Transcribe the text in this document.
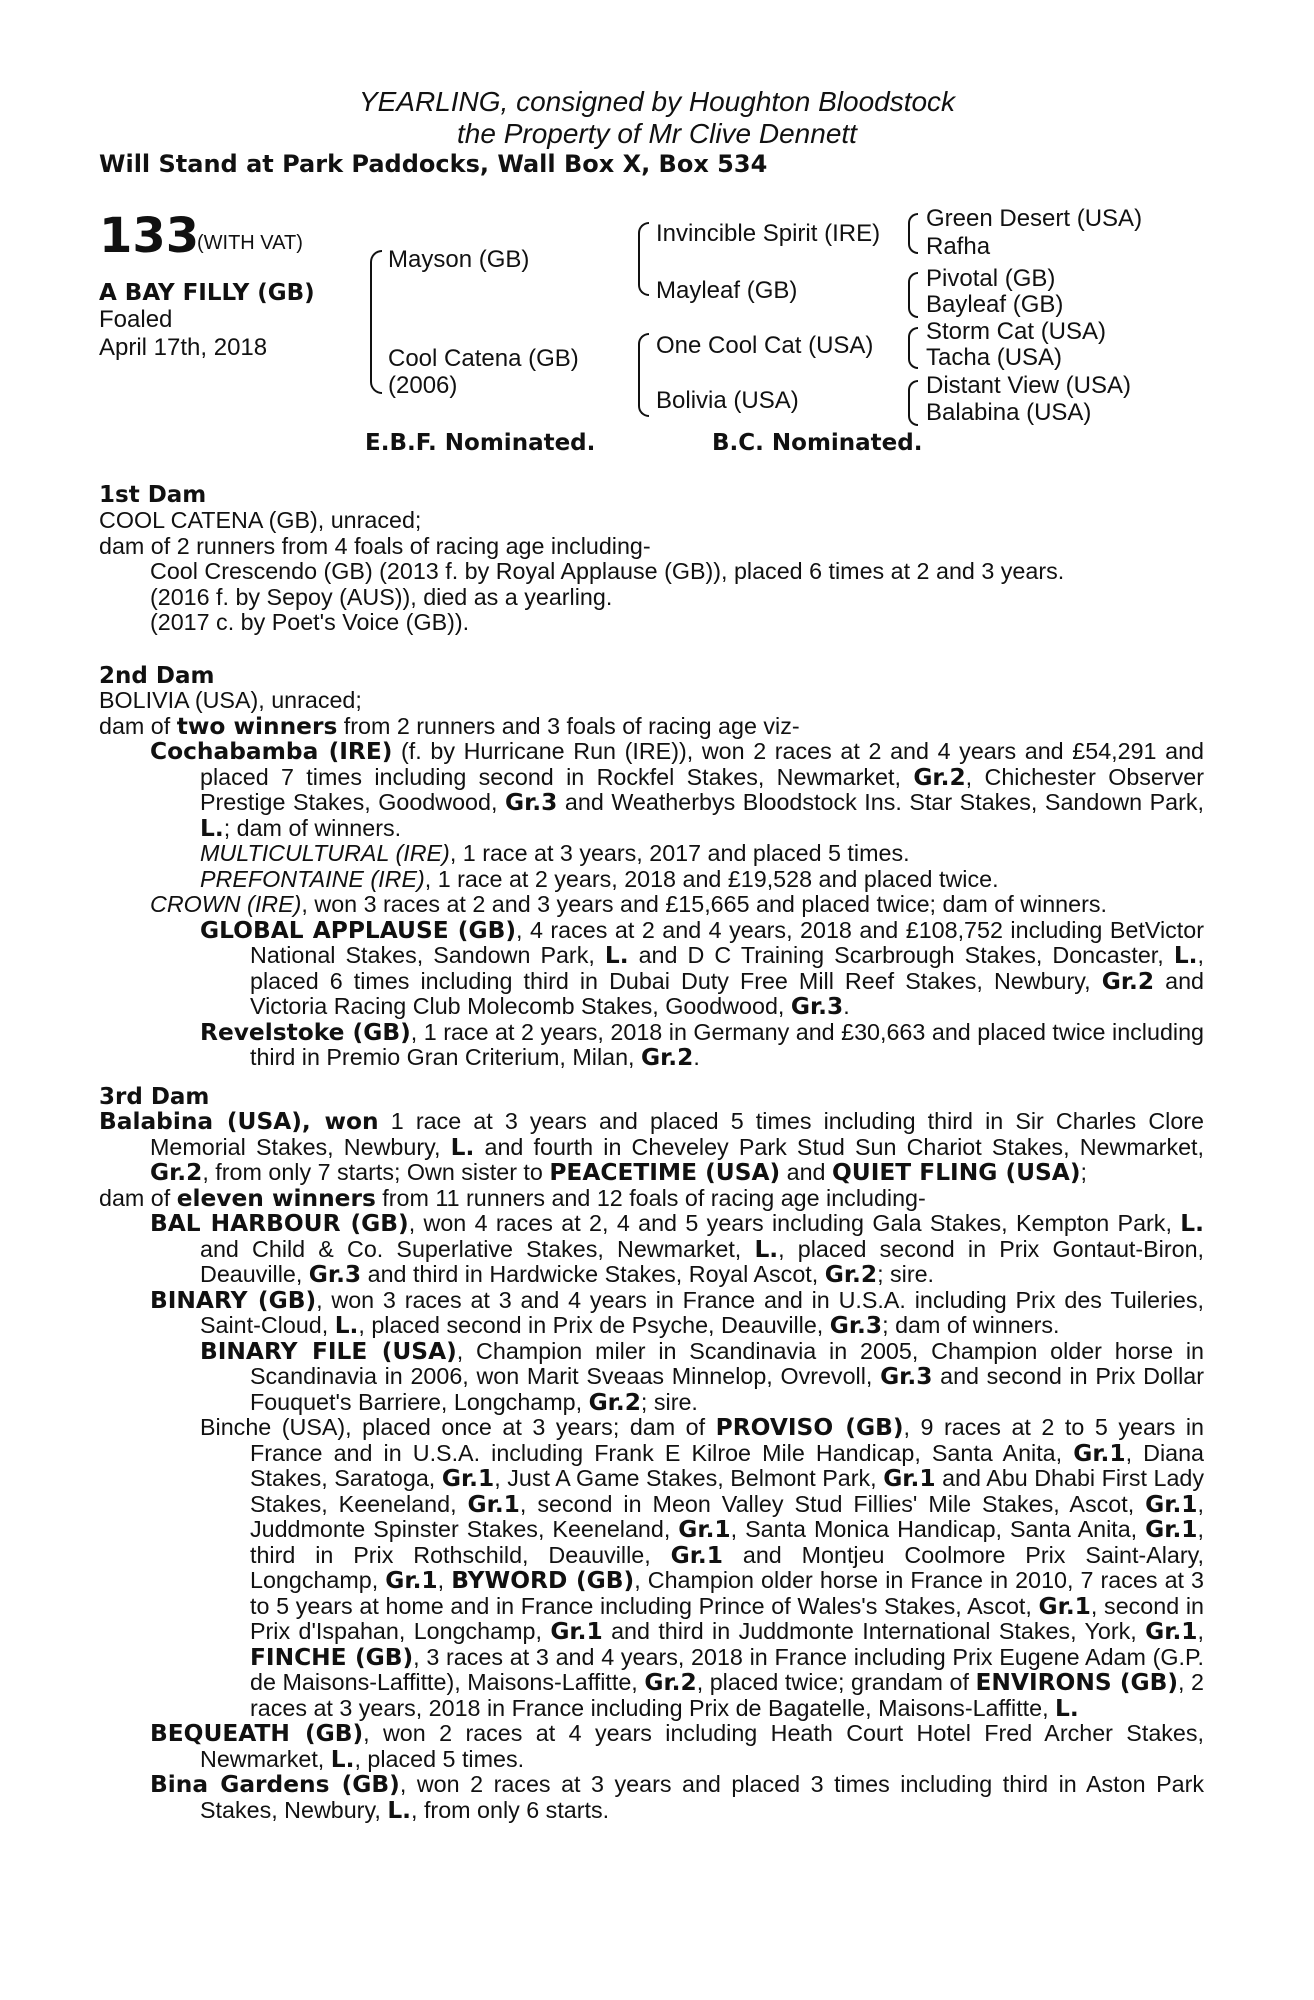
YEARLING, consigned by Houghton Bloodstock
the Property of Mr Clive Dennett
Will Stand at Park Paddocks, Wall Box X, Box 534
133
(WITH VAT)
A BAY FILLY (GB)
Foaled
April 17th, 2018
Mayson (GB)
Cool Catena (GB)
(2006)
Invincible Spirit (IRE)
Mayleaf (GB)
One Cool Cat (USA)
Bolivia (USA)
Green Desert (USA)
Rafha
Pivotal (GB)
Bayleaf (GB)
Storm Cat (USA)
Tacha (USA)
Distant View (USA)
Balabina (USA)
E.B.F. Nominated.	B.C. Nominated.
1st Dam

COOL CATENA (GB), unraced;

dam of 2 runners from 4 foals of racing age including-

Cool Crescendo (GB) (2013 f. by Royal Applause (GB)), placed 6 times at 2 and 3 years.

(2016 f. by Sepoy (AUS)), died as a yearling.

(2017 c. by Poet's Voice (GB)).

2nd Dam

BOLIVIA (USA), unraced;

dam of two winners from 2 runners and 3 foals of racing age viz-

Cochabamba (IRE) (f. by Hurricane Run (IRE)), won 2 races at 2 and 4 years and £54,291 and placed 7 times including second in Rockfel Stakes, Newmarket, Gr.2, Chichester Observer Prestige Stakes, Goodwood, Gr.3 and Weatherbys Bloodstock Ins. Star Stakes, Sandown Park, L.; dam of winners.

MULTICULTURAL (IRE), 1 race at 3 years, 2017 and placed 5 times.

PREFONTAINE (IRE), 1 race at 2 years, 2018 and £19,528 and placed twice.

CROWN (IRE), won 3 races at 2 and 3 years and £15,665 and placed twice; dam of winners.

GLOBAL APPLAUSE (GB), 4 races at 2 and 4 years, 2018 and £108,752 including BetVictor National Stakes, Sandown Park, L. and D C Training Scarbrough Stakes, Doncaster, L., placed 6 times including third in Dubai Duty Free Mill Reef Stakes, Newbury, Gr.2 and Victoria Racing Club Molecomb Stakes, Goodwood, Gr.3.

Revelstoke (GB), 1 race at 2 years, 2018 in Germany and £30,663 and placed twice including third in Premio Gran Criterium, Milan, Gr.2.

3rd Dam

Balabina (USA), won 1 race at 3 years and placed 5 times including third in Sir Charles Clore Memorial Stakes, Newbury, L. and fourth in Cheveley Park Stud Sun Chariot Stakes, Newmarket, Gr.2, from only 7 starts; Own sister to PEACETIME (USA) and QUIET FLING (USA);

dam of eleven winners from 11 runners and 12 foals of racing age including-

BAL HARBOUR (GB), won 4 races at 2, 4 and 5 years including Gala Stakes, Kempton Park, L. and Child & Co. Superlative Stakes, Newmarket, L., placed second in Prix Gontaut-Biron, Deauville, Gr.3 and third in Hardwicke Stakes, Royal Ascot, Gr.2; sire.

BINARY (GB), won 3 races at 3 and 4 years in France and in U.S.A. including Prix des Tuileries, Saint-Cloud, L., placed second in Prix de Psyche, Deauville, Gr.3; dam of winners.

BINARY FILE (USA), Champion miler in Scandinavia in 2005, Champion older horse in Scandinavia in 2006, won Marit Sveaas Minnelop, Ovrevoll, Gr.3 and second in Prix Dollar Fouquet's Barriere, Longchamp, Gr.2; sire.

Binche (USA), placed once at 3 years; dam of PROVISO (GB), 9 races at 2 to 5 years in France and in U.S.A. including Frank E Kilroe Mile Handicap, Santa Anita, Gr.1, Diana Stakes, Saratoga, Gr.1, Just A Game Stakes, Belmont Park, Gr.1 and Abu Dhabi First Lady Stakes, Keeneland, Gr.1, second in Meon Valley Stud Fillies' Mile Stakes, Ascot, Gr.1, Juddmonte Spinster Stakes, Keeneland, Gr.1, Santa Monica Handicap, Santa Anita, Gr.1, third in Prix Rothschild, Deauville, Gr.1 and Montjeu Coolmore Prix Saint-Alary, Longchamp, Gr.1, BYWORD (GB), Champion older horse in France in 2010, 7 races at 3 to 5 years at home and in France including Prince of Wales's Stakes, Ascot, Gr.1, second in Prix d'Ispahan, Longchamp, Gr.1 and third in Juddmonte International Stakes, York, Gr.1, FINCHE (GB), 3 races at 3 and 4 years, 2018 in France including Prix Eugene Adam (G.P. de Maisons-Laffitte), Maisons-Laffitte, Gr.2, placed twice; grandam of ENVIRONS (GB), 2 races at 3 years, 2018 in France including Prix de Bagatelle, Maisons-Laffitte, L.

BEQUEATH (GB), won 2 races at 4 years including Heath Court Hotel Fred Archer Stakes, Newmarket, L., placed 5 times.

Bina Gardens (GB), won 2 races at 3 years and placed 3 times including third in Aston Park Stakes, Newbury, L., from only 6 starts.
